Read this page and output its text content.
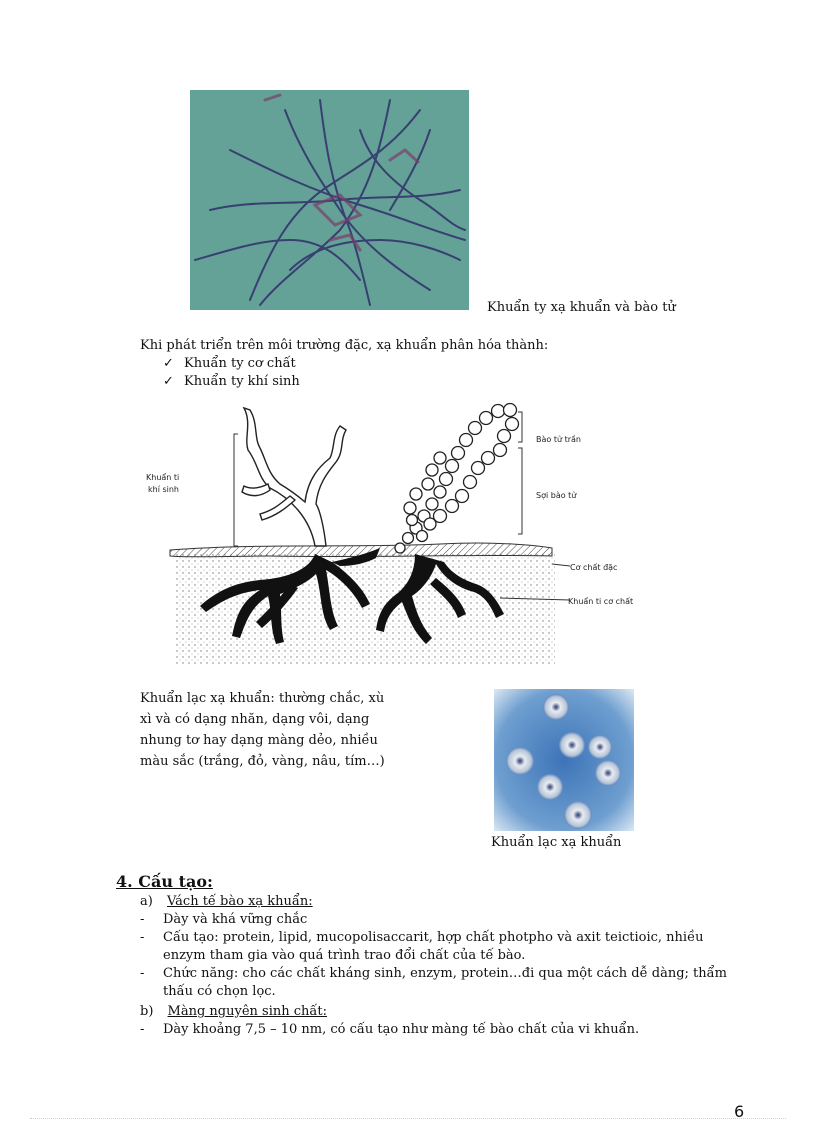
Khuẩn ty xạ khuẩn và bào tử
Khi phát triển trên môi trường đặc, xạ khuẩn phân hóa thành:
✓ Khuẩn ty cơ chất
✓ Khuẩn ty khí sinh
Khuẩn ti
khí sinh
Bào tử trần
Sợi bào tử
Cơ chất đặc
Khuẩn ti cơ chất
Khuẩn lạc xạ khuẩn: thường chắc, xù
xì và có dạng nhăn, dạng vôi, dạng
nhung tơ hay dạng màng dẻo, nhiều
màu sắc (trắng, đỏ, vàng, nâu, tím…)
Khuẩn lạc xạ khuẩn
4. Cấu tạo:
a) Vách tế bào xạ khuẩn:
- Dày và khá vững chắc
- Cấu tạo: protein, lipid, mucopolisaccarit, hợp chất photpho và axit teictioic, nhiều
enzym tham gia vào quá trình trao đổi chất của tế bào.
- Chức năng: cho các chất kháng sinh, enzym, protein…đi qua một cách dễ dàng; thẩm
thấu có chọn lọc.
b) Màng nguyên sinh chất:
- Dày khoảng 7,5 – 10 nm, có cấu tạo như màng tế bào chất của vi khuẩn.
6
